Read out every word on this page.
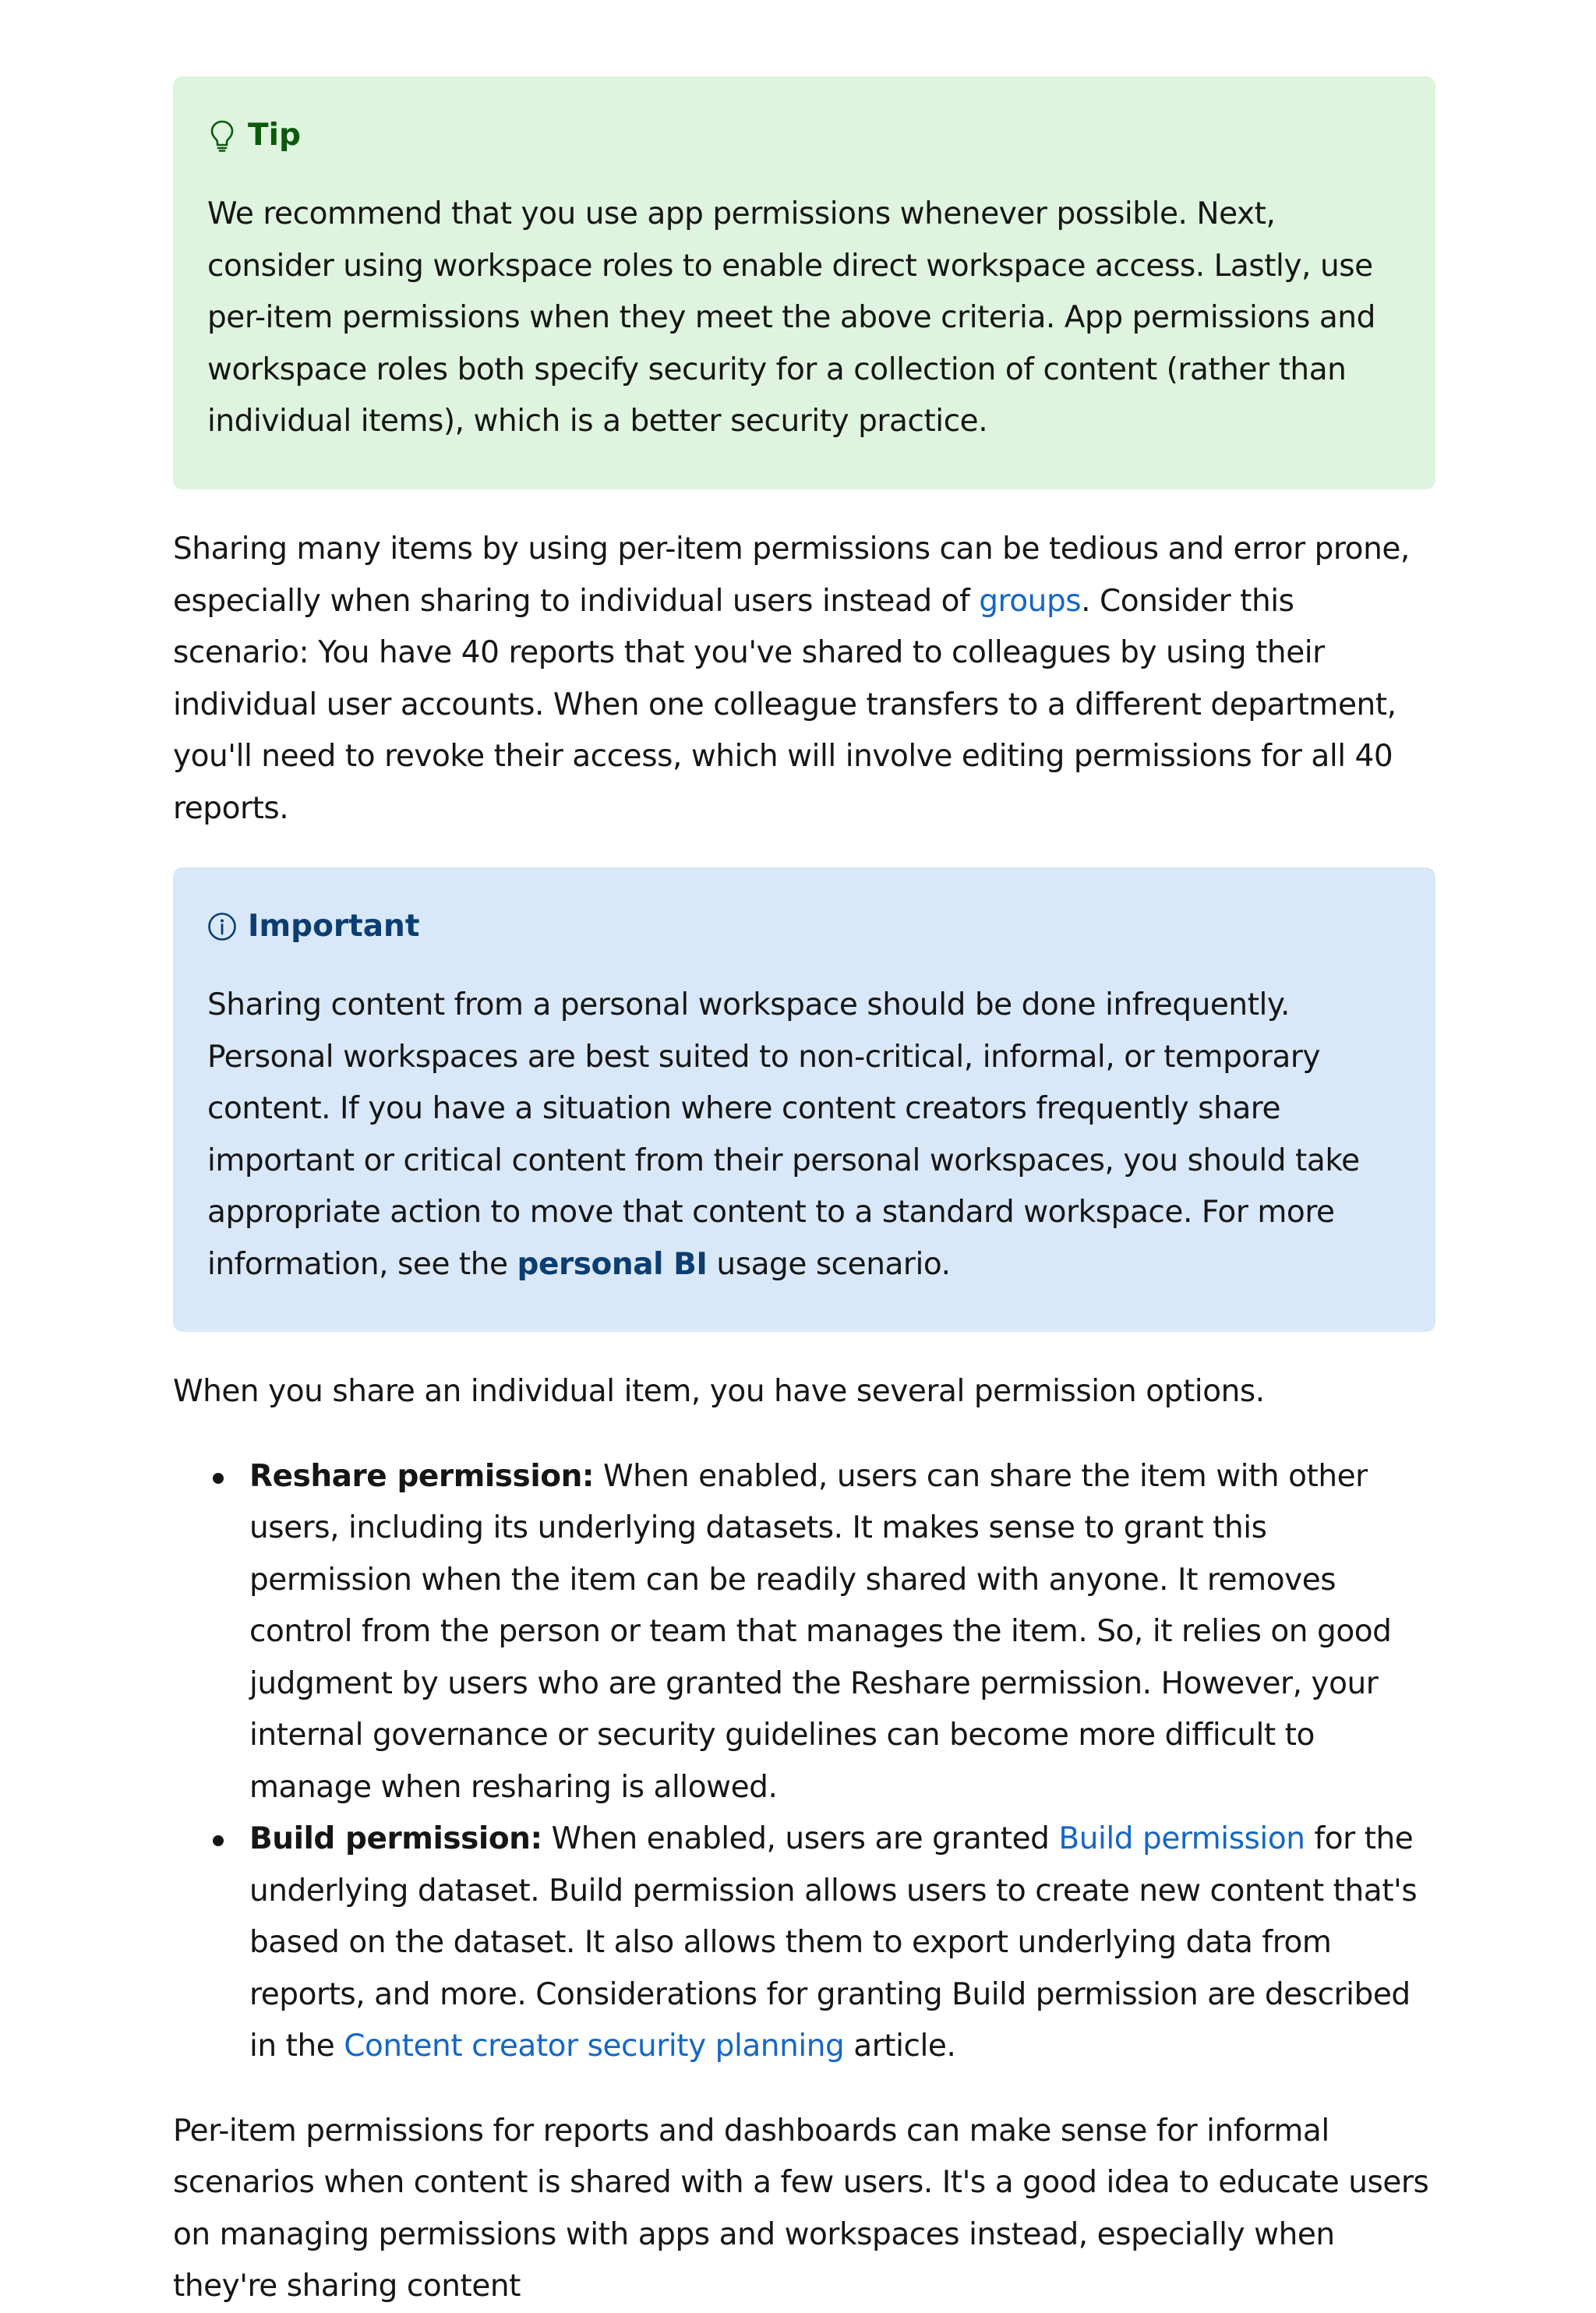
Tip

We recommend that you use app permissions whenever possible. Next, consider using workspace roles to enable direct workspace access. Lastly, use per-item permissions when they meet the above criteria. App permissions and workspace roles both specify security for a collection of content (rather than individual items), which is a better security practice.

Sharing many items by using per-item permissions can be tedious and error prone, especially when sharing to individual users instead of groups. Consider this scenario: You have 40 reports that you've shared to colleagues by using their individual user accounts. When one colleague transfers to a different department, you'll need to revoke their access, which will involve editing permissions for all 40 reports.

Important

Sharing content from a personal workspace should be done infrequently. Personal workspaces are best suited to non-critical, informal, or temporary content. If you have a situation where content creators frequently share important or critical content from their personal workspaces, you should take appropriate action to move that content to a standard workspace. For more information, see the personal BI usage scenario.

When you share an individual item, you have several permission options.

Reshare permission: When enabled, users can share the item with other users, including its underlying datasets. It makes sense to grant this permission when the item can be readily shared with anyone. It removes control from the person or team that manages the item. So, it relies on good judgment by users who are granted the Reshare permission. However, your internal governance or security guidelines can become more difficult to manage when resharing is allowed.
Build permission: When enabled, users are granted Build permission for the underlying dataset. Build permission allows users to create new content that's based on the dataset. It also allows them to export underlying data from reports, and more. Considerations for granting Build permission are described in the Content creator security planning article.

Per-item permissions for reports and dashboards can make sense for informal scenarios when content is shared with a few users. It's a good idea to educate users on managing permissions with apps and workspaces instead, especially when they're sharing content
